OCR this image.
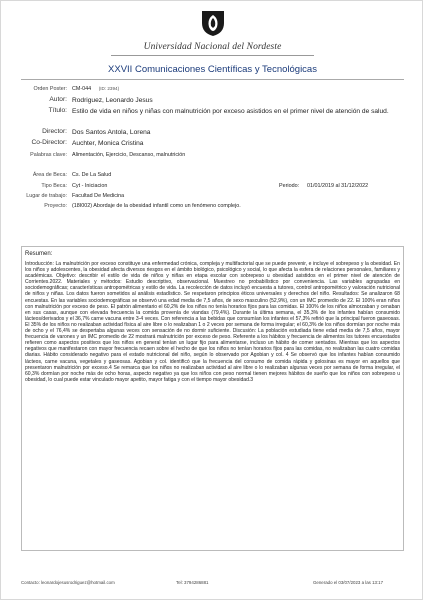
Universidad Nacional del Nordeste
XXVII Comunicaciones Científicas y Tecnológicas
Orden Poster: CM-044 (ID: 2394)
Autor: Rodriguez, Leonardo Jesus
Título: Estilo de vida en niños y niñas con malnutrición por exceso asistidos en el primer nivel de atención de salud.
Director: Dos Santos Antola, Lorena
Co-Director: Auchter, Monica Cristina
Palabras clave: Alimentación, Ejercicio, Descanso, malnutrición
Área de Beca: Cs. De La Salud
Tipo Beca: Cyt - Iniciacion	Periodo: 01/01/2019 al 31/12/2022
Lugar de trabajo: Facultad De Medicina
Proyecto: (18I002) Abordaje de la obesidad infantil como un fenómeno complejo.
Resumen:
Introducción: La malnutrición por exceso constituye una enfermedad crónica, compleja y multifactorial que se puede prevenir, e incluye el sobrepeso y la obesidad. En los niños y adolescentes, la obesidad afecta diversos riesgos en el ámbito biológico, psicológico y social, lo que afecta la esfera de relaciones personales, familiares y académicas. Objetivo: describir el estilo de vida de niños y niñas en etapa escolar con sobrepeso u obesidad asistidos en el primer nivel de atención de Corrientes.2022. Materiales y métodos: Estudio descriptivo, observacional. Muestreo no probabilístico por conveniencia. Las variables agrupadas en sociodemográficas; características antropométricas y estilo de vida. La recolección de datos incluyó encuesta a tutores, control antropométrico y valoración nutricional de niños y niñas. Los datos fueron sometidos al análisis estadístico. Se respetaron principios éticos universales y derechos del niño. Resultados: Se analizaron 68 encuestas. En las variables sociodemográficas se observó una edad media de 7,5 años, de sexo masculino (52,9%), con un IMC promedio de 22. El 100% eran niños con malnutrición por exceso de peso. El patrón alimentario el 60,2% de los niños no tenía horarios fijos para las comidas. El 100% de los niños almorzaban y cenaban en sus casas, aunque con elevada frecuencia la comida provenía de viandas (79,4%). Durante la última semana, el 35,3% de los infantes habían consumido lácteos/derivados y el 36,7% carne vacuna entre 3-4 veces. Con referencia a las bebidas que consumían los infantes el 57,3% refirió que la principal fueron gaseosas. El 35% de los niños no realizaban actividad física al aire libre o lo realizaban 1 o 2 veces por semana de forma irregular; el 60,3% de los niños dormían por noche más de ocho y el 76,4% se despertaba algunas veces con sensación de no dormir suficiente. Discusión: La población estudiada tiene edad media de 7,5 años, mayor frecuencia de varones y un IMC promedio de 22 mostrará malnutrición por exceso de peso. Referente a los hábitos y frecuencia de alimentos los tutores encuestados refieren como aspectos positivos que los niños en general tenían un lugar fijo para alimentarse, incluso un hábito de comer sentados. Mientras que los aspectos negativos que manifestaron con mayor frecuencia recaen sobre el hecho de que los niños no tenían horarios fijos para las comidas, no realizaban las cuatro comidas diarias. Hábito considerado negativo para el estado nutricional del niño, según lo observado por Agobian y col. 4 Se observó que los infantes habían consumido lácteos, carne vacuna, vegetales y gaseosas. Agobian y col. identificó que la frecuencia del consumo de comida rápida y golosinas es mayor en aquellos que presentaron malnutrición por exceso.4 Se remarca que los niños no realizaban actividad al aire libre o lo realizaban algunas veces por semana de forma irregular, el 60,3% dormían por noche más de ocho horas, aspecto negativo ya que los niños con peso normal tienen mejores hábitos de sueño que los niños con sobrepeso u obesidad, lo cual puede estar vinculado mayor apetito, mayor fatiga y con el tiempo mayor obesidad.3
Contacto: leonardojesusrodriguez@hotmail.com	Tel: 3794286881	Generado el 03/07/2023 a las 13:17
